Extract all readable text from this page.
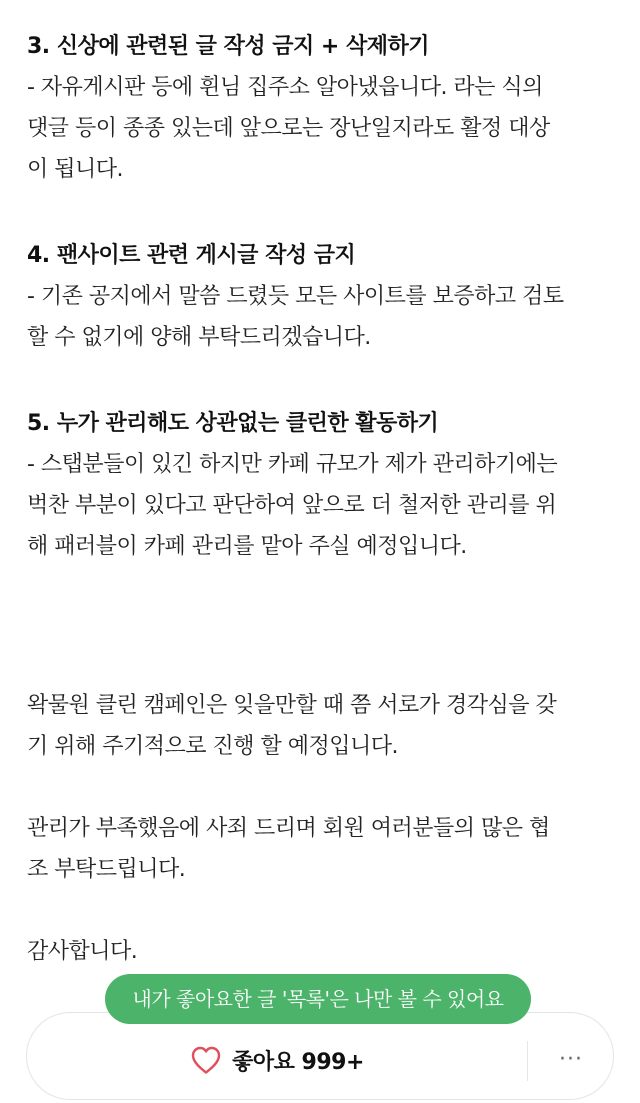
3. 신상에 관련된 글 작성 금지 + 삭제하기
- 자유게시판 등에 휜님 집주소 알아냈읍니다. 라는 식의
댓글 등이 종종 있는데 앞으로는 장난일지라도 활정 대상
이 됩니다.
4. 팬사이트 관련 게시글 작성 금지
- 기존 공지에서 말씀 드렸듯 모든 사이트를 보증하고 검토
할 수 없기에 양해 부탁드리겠습니다.
5. 누가 관리해도 상관없는 클린한 활동하기
- 스탭분들이 있긴 하지만 카페 규모가 제가 관리하기에는
벅찬 부분이 있다고 판단하여 앞으로 더 철저한 관리를 위
해 패러블이 카페 관리를 맡아 주실 예정입니다.
왁물원 클린 캠페인은 잊을만할 때 쯤 서로가 경각심을 갖
기 위해 주기적으로 진행 할 예정입니다.
관리가 부족했음에 사죄 드리며 회원 여러분들의 많은 협
조 부탁드립니다.
감사합니다.
내가 좋아요한 글 '목록'은 나만 볼 수 있어요
좋아요 999+	···
